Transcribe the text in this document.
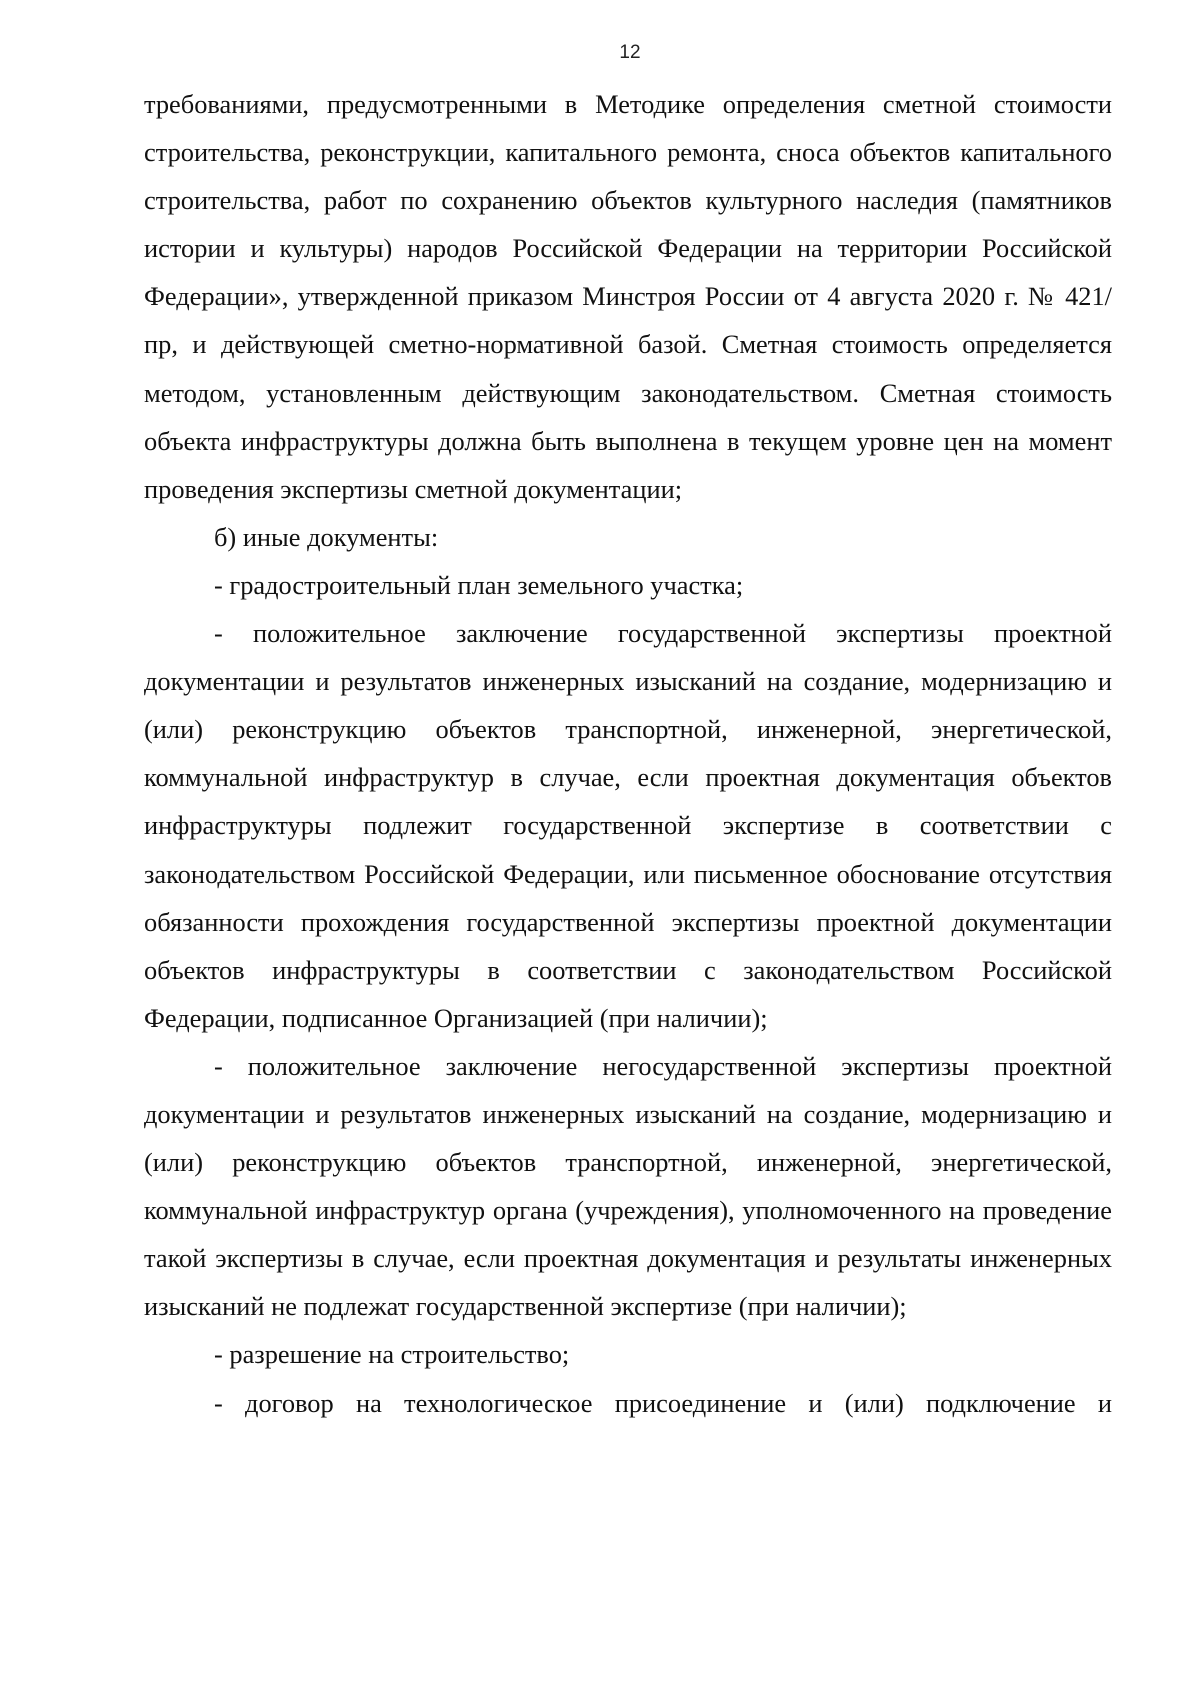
12

требованиями, предусмотренными в Методике определения сметной стоимости строительства, реконструкции, капитального ремонта, сноса объектов капитального строительства, работ по сохранению объектов культурного наследия (памятников истории и культуры) народов Российской Федерации на территории Российской Федерации», утвержденной приказом Минстроя России от 4 августа 2020 г. № 421/пр, и действующей сметно-нормативной базой. Сметная стоимость определяется методом, установленным действующим законодательством. Сметная стоимость объекта инфраструктуры должна быть выполнена в текущем уровне цен на момент проведения экспертизы сметной документации;

б) иные документы:

- градостроительный план земельного участка;

- положительное заключение государственной экспертизы проектной документации и результатов инженерных изысканий на создание, модернизацию и (или) реконструкцию объектов транспортной, инженерной, энергетической, коммунальной инфраструктур в случае, если проектная документация объектов инфраструктуры подлежит государственной экспертизе в соответствии с законодательством Российской Федерации, или письменное обоснование отсутствия обязанности прохождения государственной экспертизы проектной документации объектов инфраструктуры в соответствии с законодательством Российской Федерации, подписанное Организацией (при наличии);

- положительное заключение негосударственной экспертизы проектной документации и результатов инженерных изысканий на создание, модернизацию и (или) реконструкцию объектов транспортной, инженерной, энергетической, коммунальной инфраструктур органа (учреждения), уполномоченного на проведение такой экспертизы в случае, если проектная документация и результаты инженерных изысканий не подлежат государственной экспертизе (при наличии);

- разрешение на строительство;

- договор на технологическое присоединение и (или) подключение и
